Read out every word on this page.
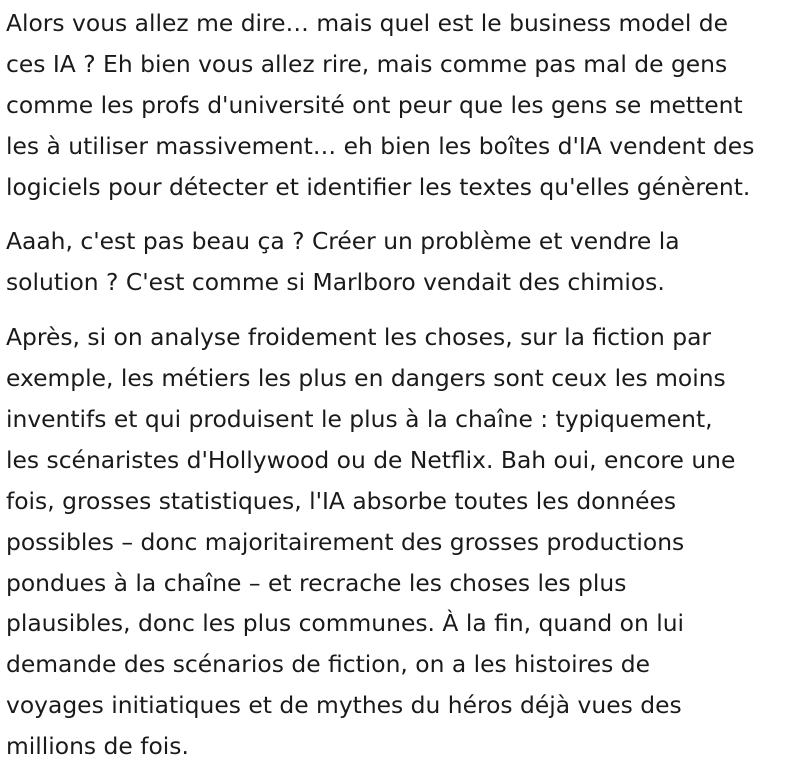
Alors vous allez me dire… mais quel est le business model de
ces IA ? Eh bien vous allez rire, mais comme pas mal de gens
comme les profs d'université ont peur que les gens se mettent
les à utiliser massivement… eh bien les boîtes d'IA vendent des
logiciels pour détecter et identifier les textes qu'elles génèrent.

Aaah, c'est pas beau ça ? Créer un problème et vendre la
solution ? C'est comme si Marlboro vendait des chimios.

Après, si on analyse froidement les choses, sur la fiction par
exemple, les métiers les plus en dangers sont ceux les moins
inventifs et qui produisent le plus à la chaîne : typiquement,
les scénaristes d'Hollywood ou de Netflix. Bah oui, encore une
fois, grosses statistiques, l'IA absorbe toutes les données
possibles – donc majoritairement des grosses productions
pondues à la chaîne – et recrache les choses les plus
plausibles, donc les plus communes. À la fin, quand on lui
demande des scénarios de fiction, on a les histoires de
voyages initiatiques et de mythes du héros déjà vues des
millions de fois.
